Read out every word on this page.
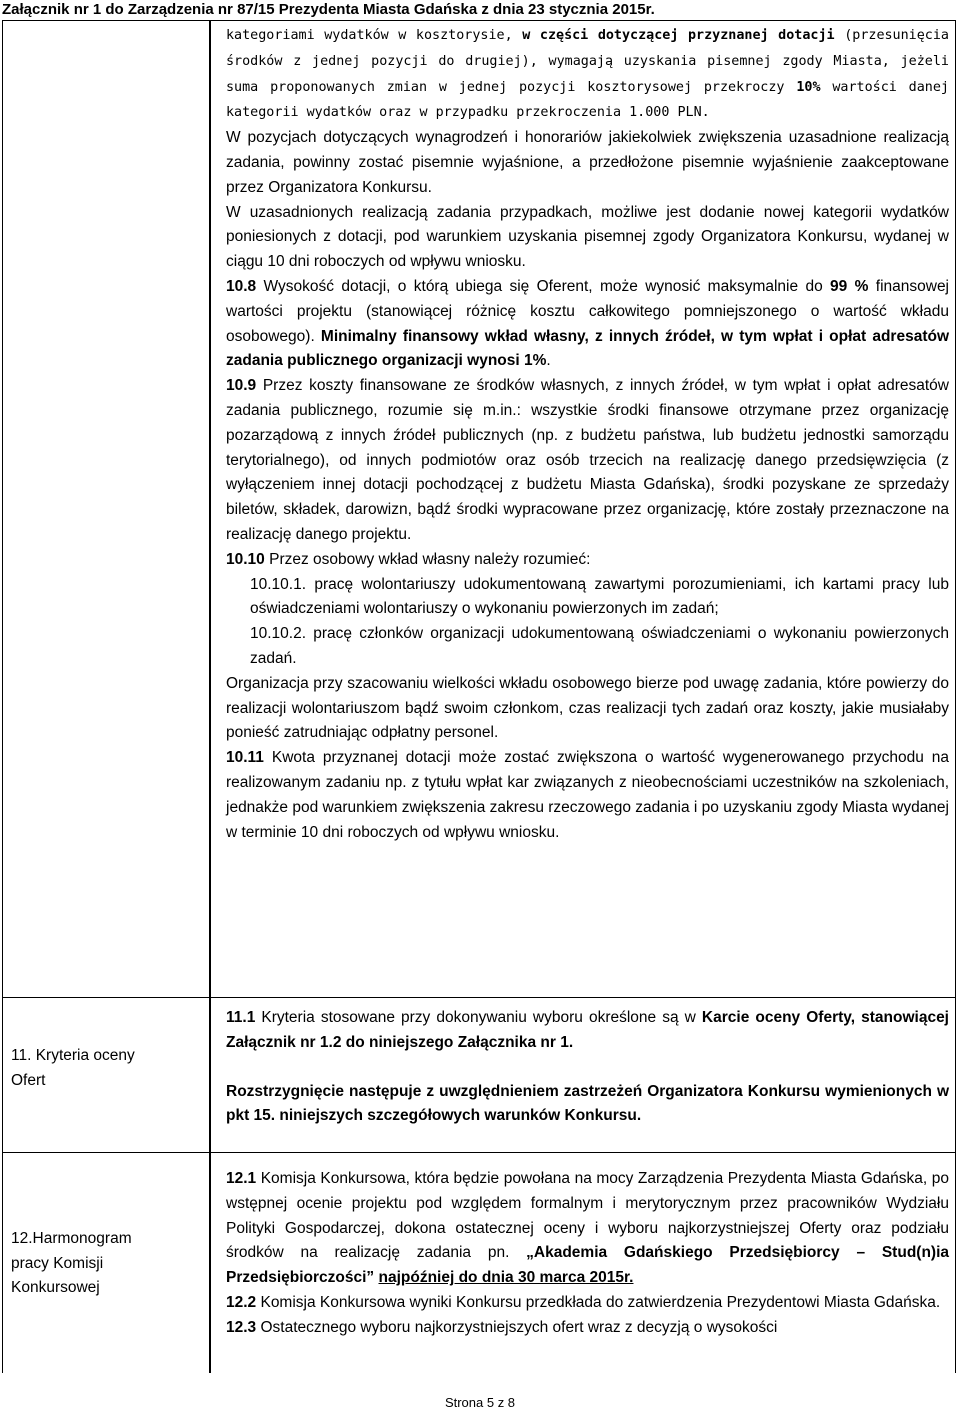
Załącznik nr 1 do Zarządzenia nr 87/15 Prezydenta Miasta Gdańska z dnia 23 stycznia 2015r.

kategoriami wydatków w kosztorysie, w części dotyczącej przyznanej dotacji (przesunięcia środków z jednej pozycji do drugiej), wymagają uzyskania pisemnej zgody Miasta, jeżeli suma proponowanych zmian w jednej pozycji kosztorysowej przekroczy 10% wartości danej kategorii wydatków oraz w przypadku przekroczenia 1.000 PLN.

W pozycjach dotyczących wynagrodzeń i honorariów jakiekolwiek zwiększenia uzasadnione realizacją zadania, powinny zostać pisemnie wyjaśnione, a przedłożone pisemnie wyjaśnienie zaakceptowane przez Organizatora Konkursu.

W uzasadnionych realizacją zadania przypadkach, możliwe jest dodanie nowej kategorii wydatków poniesionych z dotacji, pod warunkiem uzyskania pisemnej zgody Organizatora Konkursu, wydanej w ciągu 10 dni roboczych od wpływu wniosku.

10.8 Wysokość dotacji, o którą ubiega się Oferent, może wynosić maksymalnie do 99 % finansowej wartości projektu (stanowiącej różnicę kosztu całkowitego pomniejszonego o wartość wkładu osobowego). Minimalny finansowy wkład własny, z innych źródeł, w tym wpłat i opłat adresatów zadania publicznego organizacji wynosi 1%.

10.9 Przez koszty finansowane ze środków własnych, z innych źródeł, w tym wpłat i opłat adresatów zadania publicznego, rozumie się m.in.: wszystkie środki finansowe otrzymane przez organizację pozarządową z innych źródeł publicznych (np. z budżetu państwa, lub budżetu jednostki samorządu terytorialnego), od innych podmiotów oraz osób trzecich na realizację danego przedsięwzięcia (z wyłączeniem innej dotacji pochodzącej z budżetu Miasta Gdańska), środki pozyskane ze sprzedaży biletów, składek, darowizn, bądź środki wypracowane przez organizację, które zostały przeznaczone na realizację danego projektu.

10.10 Przez osobowy wkład własny należy rozumieć:

10.10.1. pracę wolontariuszy udokumentowaną zawartymi porozumieniami, ich kartami pracy lub oświadczeniami wolontariuszy o wykonaniu powierzonych im zadań;

10.10.2. pracę członków organizacji udokumentowaną oświadczeniami o wykonaniu powierzonych zadań.

Organizacja przy szacowaniu wielkości wkładu osobowego bierze pod uwagę zadania, które powierzy do realizacji wolontariuszom bądź swoim członkom, czas realizacji tych zadań oraz koszty, jakie musiałaby ponieść zatrudniając odpłatny personel.

10.11 Kwota przyznanej dotacji może zostać zwiększona o wartość wygenerowanego przychodu na realizowanym zadaniu np. z tytułu wpłat kar związanych z nieobecnościami uczestników na szkoleniach, jednakże pod warunkiem zwiększenia zakresu rzeczowego zadania i po uzyskaniu zgody Miasta wydanej w terminie 10 dni roboczych od wpływu wniosku.

11. Kryteria oceny
Ofert

11.1 Kryteria stosowane przy dokonywaniu wyboru określone są w Karcie oceny Oferty, stanowiącej Załącznik nr 1.2 do niniejszego Załącznika nr 1.

Rozstrzygnięcie następuje z uwzględnieniem zastrzeżeń Organizatora Konkursu wymienionych w pkt 15. niniejszych szczegółowych warunków Konkursu.

12.Harmonogram
pracy Komisji
Konkursowej

12.1 Komisja Konkursowa, która będzie powołana na mocy Zarządzenia Prezydenta Miasta Gdańska, po wstępnej ocenie projektu pod względem formalnym i merytorycznym przez pracowników Wydziału Polityki Gospodarczej, dokona ostatecznej oceny i wyboru najkorzystniejszej Oferty oraz podziału środków na realizację zadania pn. „Akademia Gdańskiego Przedsiębiorcy – Stud(n)ia Przedsiębiorczości” najpóźniej do dnia 30 marca 2015r.

12.2 Komisja Konkursowa wyniki Konkursu przedkłada do zatwierdzenia Prezydentowi Miasta Gdańska.

12.3 Ostatecznego wyboru najkorzystniejszych ofert wraz z decyzją o wysokości

Strona 5 z 8
